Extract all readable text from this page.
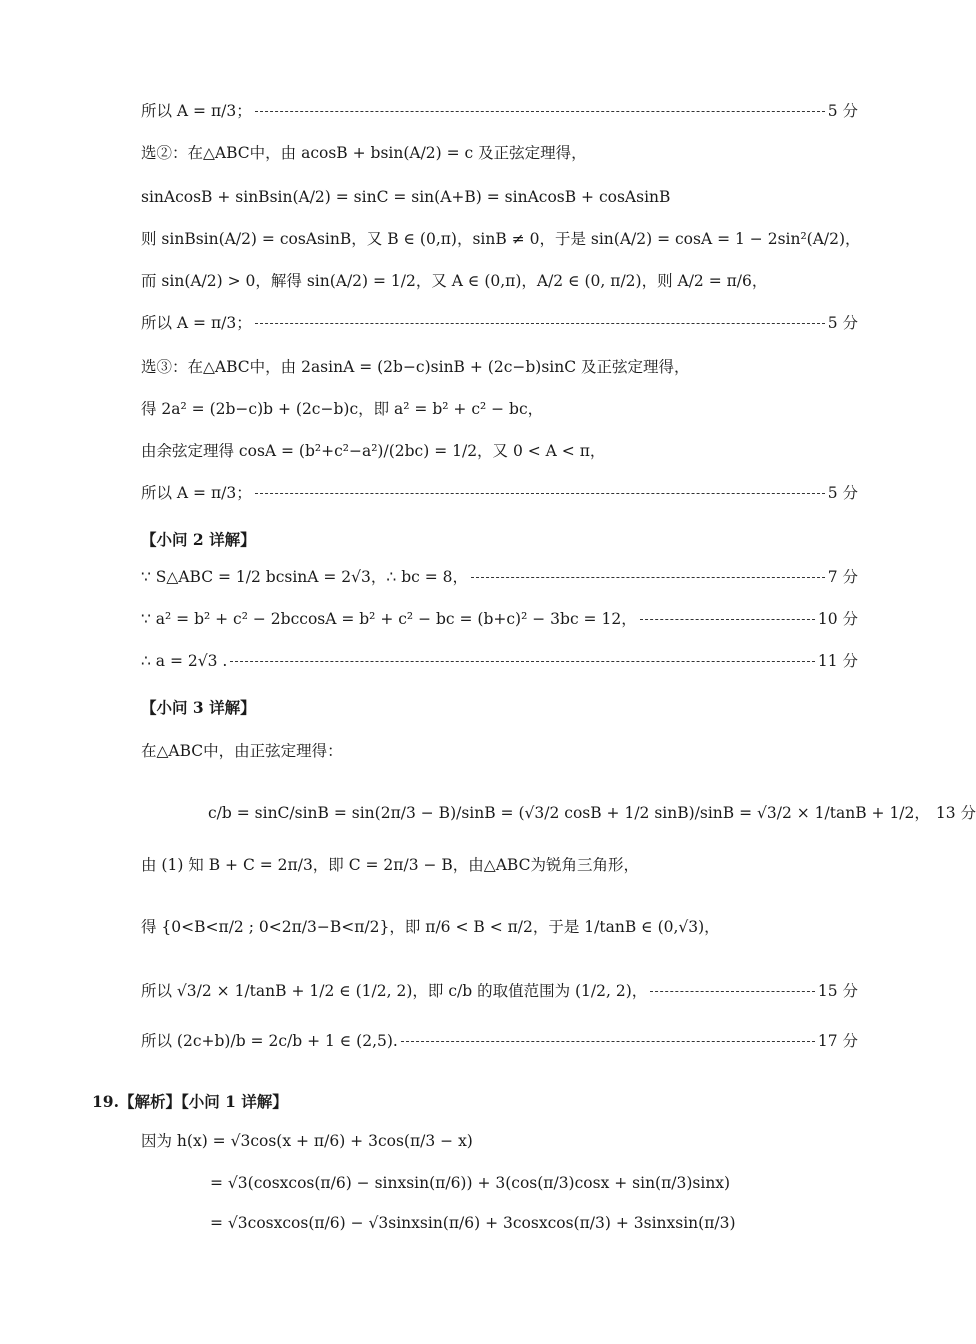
所以 A = π/3；	5 分
选②：在△ABC中，由 acosB + bsin(A/2) = c 及正弦定理得，
sinAcosB + sinBsin(A/2) = sinC = sin(A+B) = sinAcosB + cosAsinB
则 sinBsin(A/2) = cosAsinB，又 B ∈ (0,π)，sinB ≠ 0，于是 sin(A/2) = cosA = 1 − 2sin²(A/2)，
而 sin(A/2) > 0，解得 sin(A/2) = 1/2，又 A ∈ (0,π)，A/2 ∈ (0, π/2)，则 A/2 = π/6，
所以 A = π/3；	5 分
选③：在△ABC中，由 2asinA = (2b−c)sinB + (2c−b)sinC 及正弦定理得，
得 2a² = (2b−c)b + (2c−b)c，即 a² = b² + c² − bc，
由余弦定理得 cosA = (b²+c²−a²)/(2bc) = 1/2，又 0 < A < π，
所以 A = π/3；	5 分
【小问 2 详解】
∵ S△ABC = 1/2 bcsinA = 2√3，∴ bc = 8，	7 分
∵ a² = b² + c² − 2bccosA = b² + c² − bc = (b+c)² − 3bc = 12，	10 分
∴ a = 2√3 .	11 分
【小问 3 详解】
在△ABC中，由正弦定理得：
c/b = sinC/sinB = sin(2π/3 − B)/sinB = (√3/2 cosB + 1/2 sinB)/sinB = √3/2 × 1/tanB + 1/2， 13 分
由 (1) 知 B + C = 2π/3，即 C = 2π/3 − B，由△ABC为锐角三角形，
得 {0<B<π/2 ; 0<2π/3−B<π/2}，即 π/6 < B < π/2，于是 1/tanB ∈ (0,√3)，
所以 √3/2 × 1/tanB + 1/2 ∈ (1/2, 2)，即 c/b 的取值范围为 (1/2, 2)，	15 分
所以 (2c+b)/b = 2c/b + 1 ∈ (2,5).	17 分
19.【解析】【小问 1 详解】
因为 h(x) = √3cos(x + π/6) + 3cos(π/3 − x)
= √3(cosxcos(π/6) − sinxsin(π/6)) + 3(cos(π/3)cosx + sin(π/3)sinx)
= √3cosxcos(π/6) − √3sinxsin(π/6) + 3cosxcos(π/3) + 3sinxsin(π/3)
